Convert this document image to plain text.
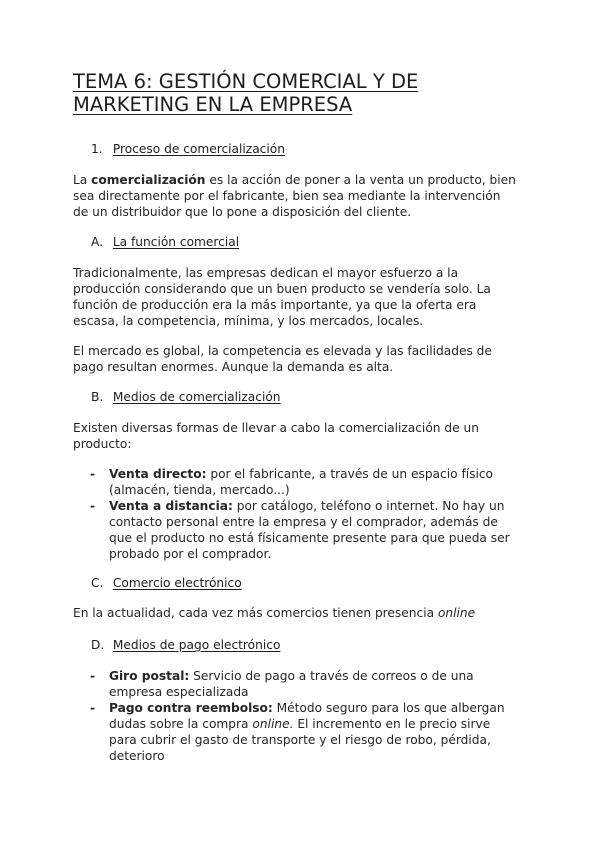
TEMA 6: GESTIÓN COMERCIAL Y DE
MARKETING EN LA EMPRESA
1. Proceso de comercialización
La comercialización es la acción de poner a la venta un producto, bien
sea directamente por el fabricante, bien sea mediante la intervención
de un distribuidor que lo pone a disposición del cliente.
A. La función comercial
Tradicionalmente, las empresas dedican el mayor esfuerzo a la
producción considerando que un buen producto se vendería solo. La
función de producción era la más importante, ya que la oferta era
escasa, la competencia, mínima, y los mercados, locales.
El mercado es global, la competencia es elevada y las facilidades de
pago resultan enormes. Aunque la demanda es alta.
B. Medios de comercialización
Existen diversas formas de llevar a cabo la comercialización de un
producto:
- Venta directo: por el fabricante, a través de un espacio físico
(almacén, tienda, mercado...)
- Venta a distancia: por catálogo, teléfono o internet. No hay un
contacto personal entre la empresa y el comprador, además de
que el producto no está físicamente presente para que pueda ser
probado por el comprador.
C. Comercio electrónico
En la actualidad, cada vez más comercios tienen presencia online
D. Medios de pago electrónico
- Giro postal: Servicio de pago a través de correos o de una
empresa especializada
- Pago contra reembolso: Método seguro para los que albergan
dudas sobre la compra online. El incremento en le precio sirve
para cubrir el gasto de transporte y el riesgo de robo, pérdida,
deterioro
